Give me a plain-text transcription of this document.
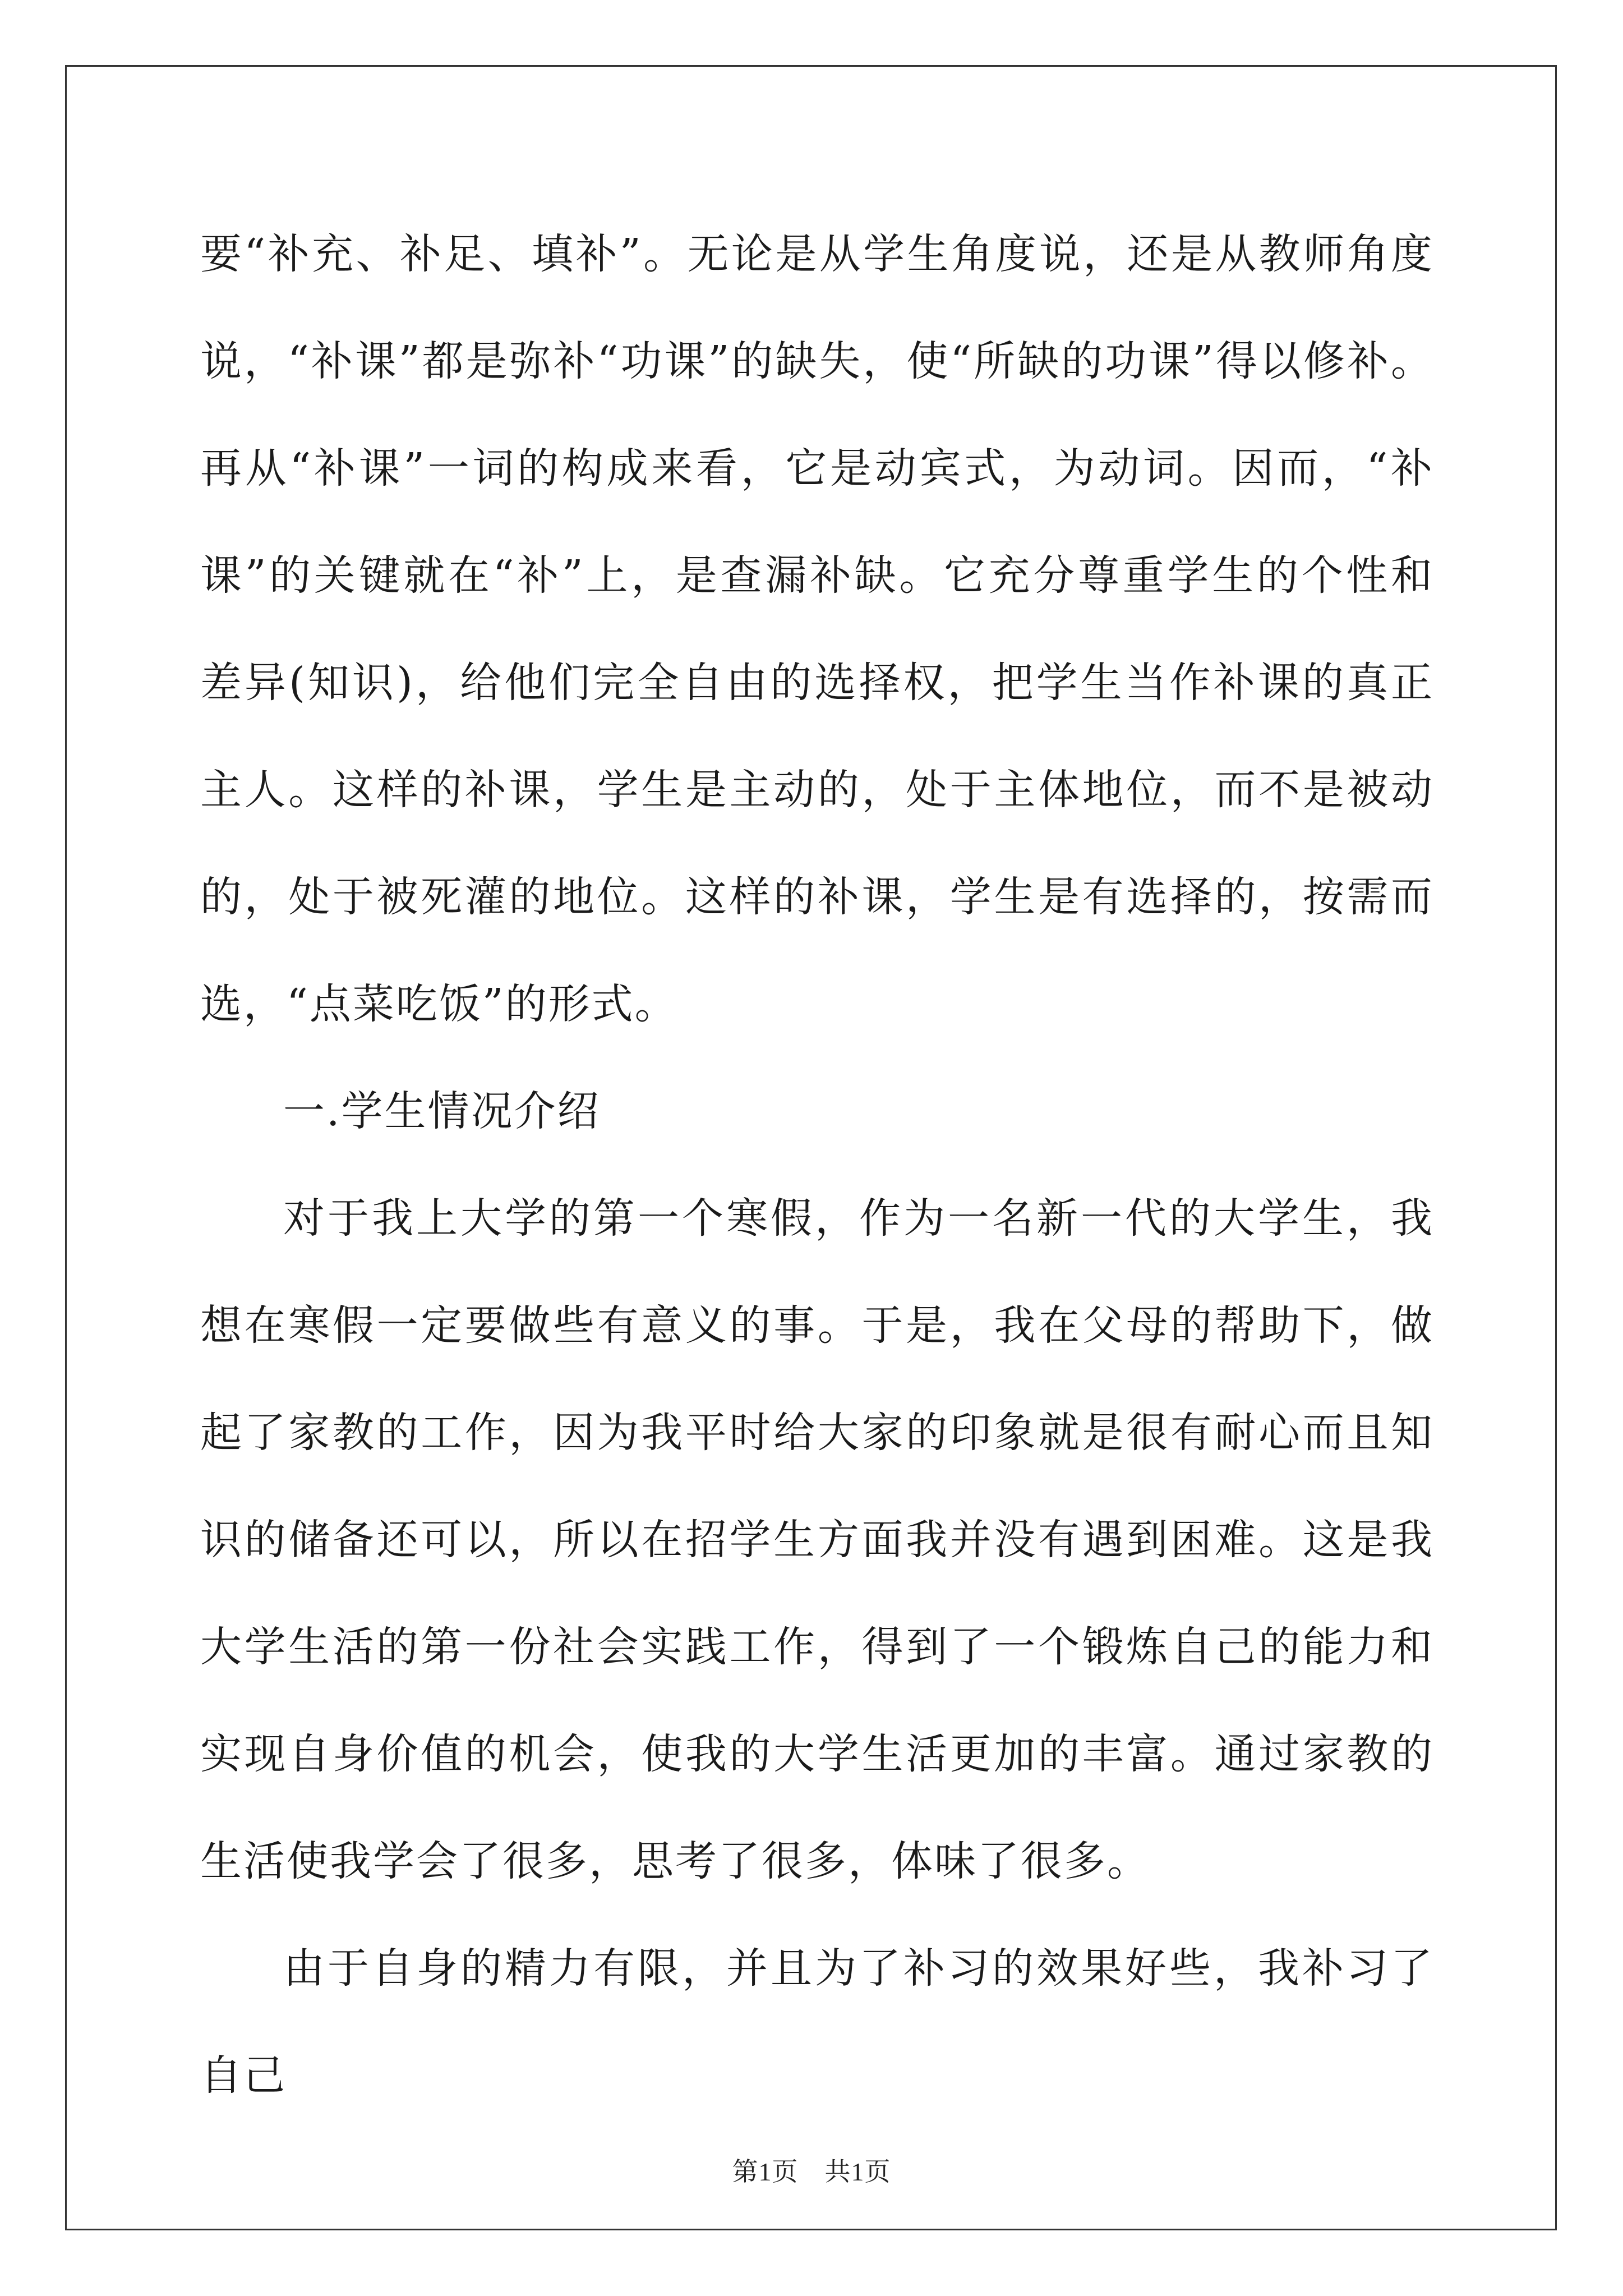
要“补充、补足、填补”。无论是从学生角度说，还是从教师角度说，“补课”都是弥补“功课”的缺失，使“所缺的功课”得以修补。再从“补课”一词的构成来看，它是动宾式，为动词。因而，“补课”的关键就在“补”上，是查漏补缺。它充分尊重学生的个性和差异(知识)，给他们完全自由的选择权，把学生当作补课的真正主人。这样的补课，学生是主动的，处于主体地位，而不是被动的，处于被死灌的地位。这样的补课，学生是有选择的，按需而选，“点菜吃饭”的形式。

一.学生情况介绍

对于我上大学的第一个寒假，作为一名新一代的大学生，我想在寒假一定要做些有意义的事。于是，我在父母的帮助下，做起了家教的工作，因为我平时给大家的印象就是很有耐心而且知识的储备还可以，所以在招学生方面我并没有遇到困难。这是我大学生活的第一份社会实践工作，得到了一个锻炼自己的能力和实现自身价值的机会，使我的大学生活更加的丰富。通过家教的生活使我学会了很多，思考了很多，体味了很多。

由于自身的精力有限，并且为了补习的效果好些，我补习了自己

第1页　共1页
